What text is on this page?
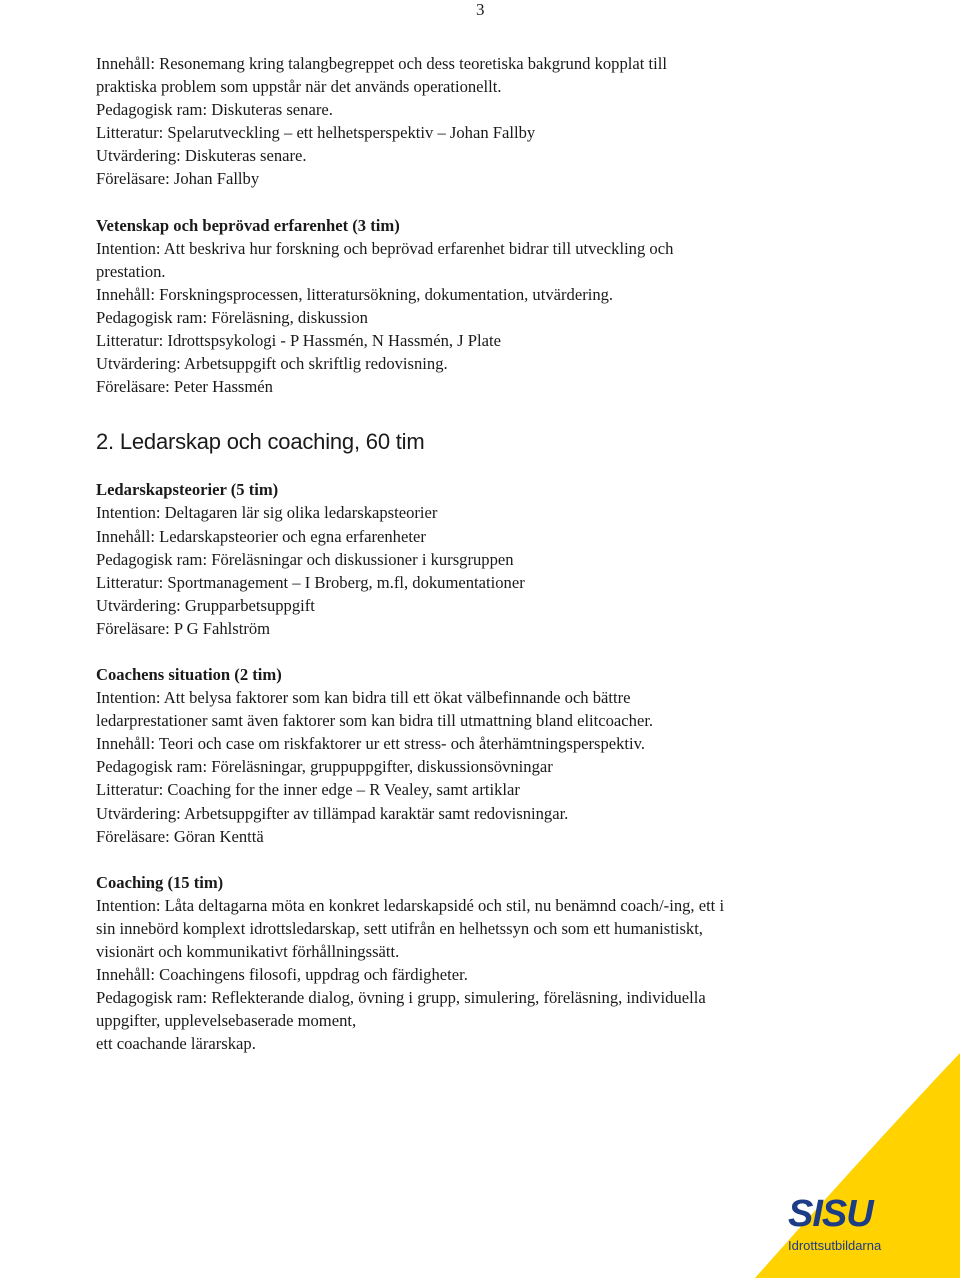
3
Innehåll: Resonemang kring talangbegreppet och dess teoretiska bakgrund kopplat till
praktiska problem som uppstår när det används operationellt.
Pedagogisk ram: Diskuteras senare.
Litteratur: Spelarutveckling – ett helhetsperspektiv – Johan Fallby
Utvärdering: Diskuteras senare.
Föreläsare: Johan Fallby
Vetenskap och beprövad erfarenhet (3 tim)
Intention: Att beskriva hur forskning och beprövad erfarenhet bidrar till utveckling och
prestation.
Innehåll: Forskningsprocessen, litteratursökning, dokumentation, utvärdering.
Pedagogisk ram: Föreläsning, diskussion
Litteratur: Idrottspsykologi - P Hassmén, N Hassmén, J Plate
Utvärdering: Arbetsuppgift och skriftlig redovisning.
Föreläsare: Peter Hassmén
2. Ledarskap och coaching, 60 tim
Ledarskapsteorier (5 tim)
Intention: Deltagaren lär sig olika ledarskapsteorier
Innehåll: Ledarskapsteorier och egna erfarenheter
Pedagogisk ram: Föreläsningar och diskussioner i kursgruppen
Litteratur: Sportmanagement – I Broberg, m.fl, dokumentationer
Utvärdering: Grupparbetsuppgift
Föreläsare: P G Fahlström
Coachens situation (2 tim)
Intention: Att belysa faktorer som kan bidra till ett ökat välbefinnande och bättre
ledarprestationer samt även faktorer som kan bidra till utmattning bland elitcoacher.
Innehåll: Teori och case om riskfaktorer ur ett stress- och återhämtningsperspektiv.
Pedagogisk ram: Föreläsningar, gruppuppgifter, diskussionsövningar
Litteratur: Coaching for the inner edge – R Vealey, samt artiklar
Utvärdering: Arbetsuppgifter av tillämpad karaktär samt redovisningar.
Föreläsare: Göran Kenttä
Coaching (15 tim)
Intention: Låta deltagarna möta en konkret ledarskapsidé och stil, nu benämnd coach/-ing, ett i
sin innebörd komplext idrottsledarskap, sett utifrån en helhetssyn och som ett humanistiskt,
visionärt och kommunikativt förhållningssätt.
Innehåll: Coachingens filosofi, uppdrag och färdigheter.
Pedagogisk ram: Reflekterande dialog, övning i grupp, simulering, föreläsning, individuella
uppgifter, upplevelsebaserade moment,
ett coachande lärarskap.
SISU
Idrottsutbildarna
